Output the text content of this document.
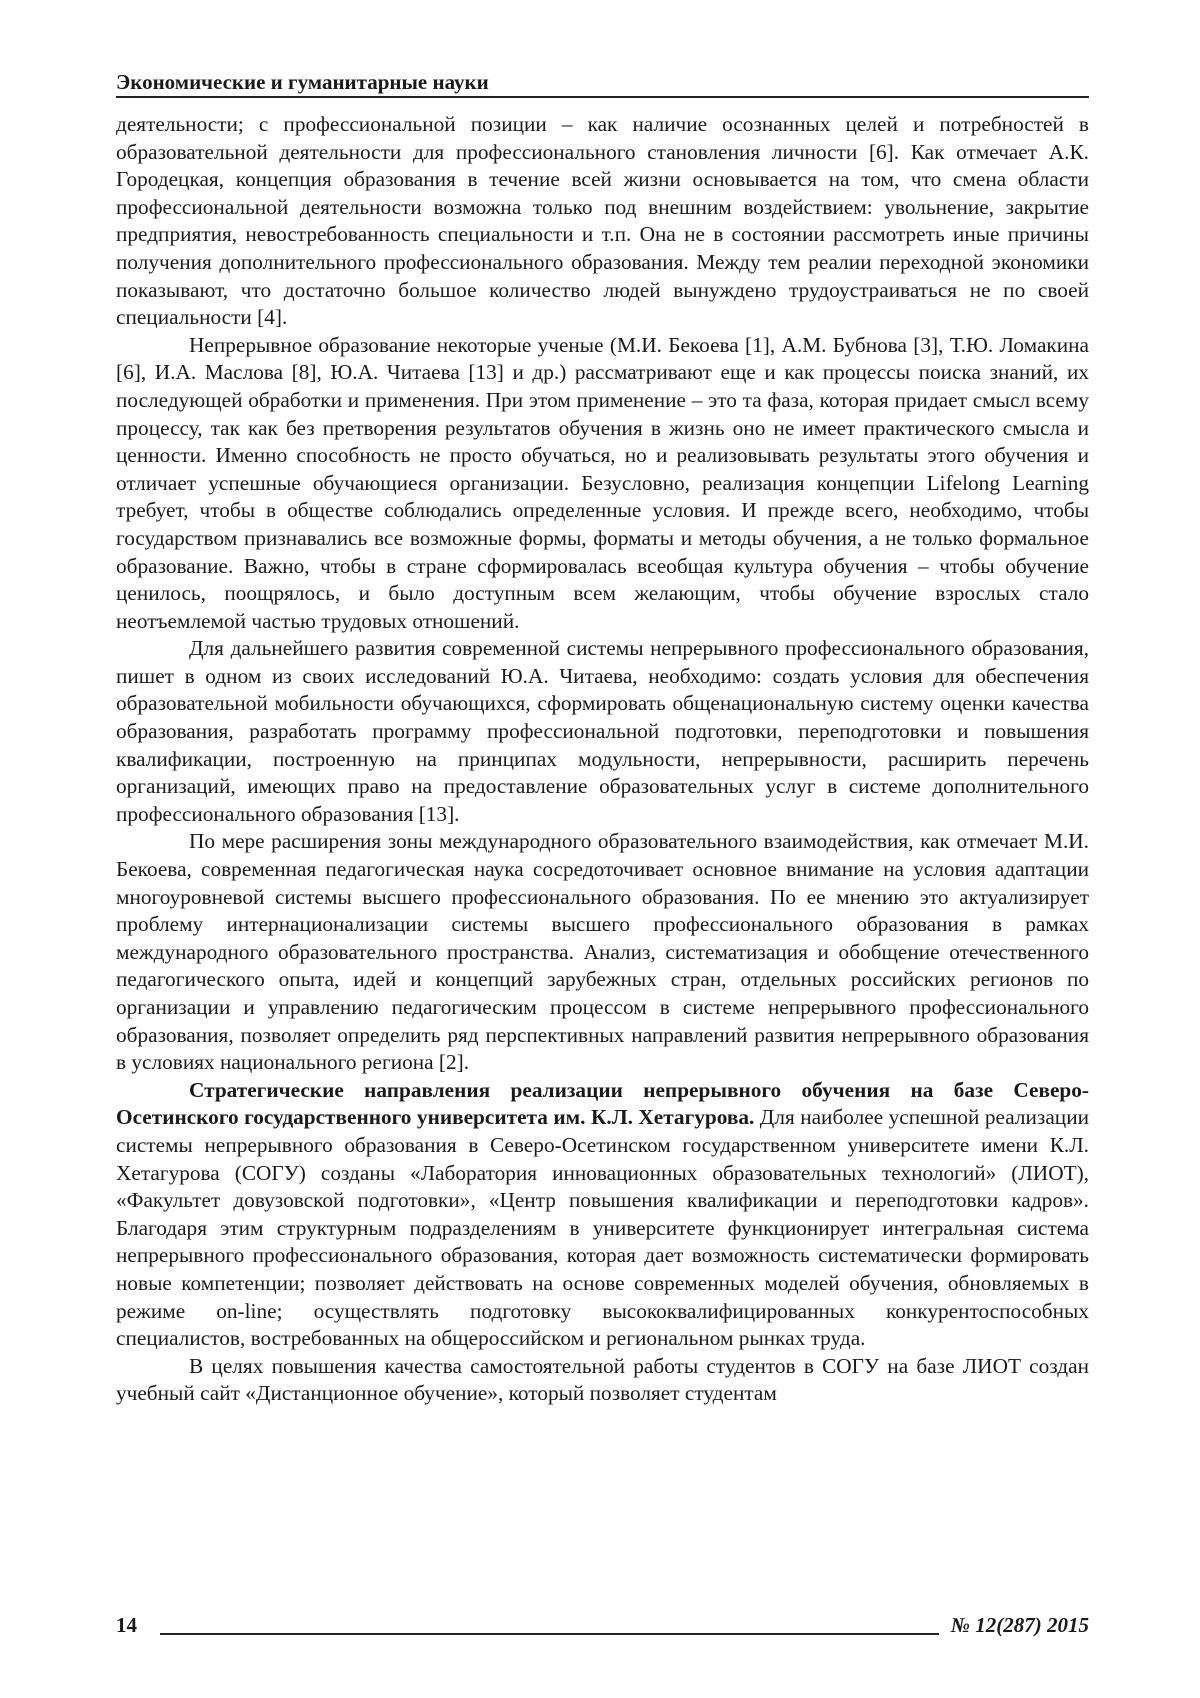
Экономические и гуманитарные науки

деятельности; с профессиональной позиции – как наличие осознанных целей и потребностей в образовательной деятельности для профессионального становления личности [6]. Как отмечает А.К. Городецкая, концепция образования в течение всей жизни основывается на том, что смена области профессиональной деятельности возможна только под внешним воздействием: увольнение, закрытие предприятия, невостребованность специальности и т.п. Она не в состоянии рассмотреть иные причины получения дополнительного профессионального образования. Между тем реалии переходной экономики показывают, что достаточно большое количество людей вынуждено трудоустраиваться не по своей специальности [4].

Непрерывное образование некоторые ученые (М.И. Бекоева [1], А.М. Бубнова [3], Т.Ю. Ломакина [6], И.А. Маслова [8], Ю.А. Читаева [13] и др.) рассматривают еще и как процессы поиска знаний, их последующей обработки и применения. При этом применение – это та фаза, которая придает смысл всему процессу, так как без претворения результатов обучения в жизнь оно не имеет практического смысла и ценности. Именно способность не просто обучаться, но и реализовывать результаты этого обучения и отличает успешные обучающиеся организации. Безусловно, реализация концепции Lifelong Learning требует, чтобы в обществе соблюдались определенные условия. И прежде всего, необходимо, чтобы государством признавались все возможные формы, форматы и методы обучения, а не только формальное образование. Важно, чтобы в стране сформировалась всеобщая культура обучения – чтобы обучение ценилось, поощрялось, и было доступным всем желающим, чтобы обучение взрослых стало неотъемлемой частью трудовых отношений.

Для дальнейшего развития современной системы непрерывного профессионального образования, пишет в одном из своих исследований Ю.А. Читаева, необходимо: создать условия для обеспечения образовательной мобильности обучающихся, сформировать общенациональную систему оценки качества образования, разработать программу профессиональной подготовки, переподготовки и повышения квалификации, построенную на принципах модульности, непрерывности, расширить перечень организаций, имеющих право на предоставление образовательных услуг в системе дополнительного профессионального образования [13].

По мере расширения зоны международного образовательного взаимодействия, как отмечает М.И. Бекоева, современная педагогическая наука сосредоточивает основное внимание на условия адаптации многоуровневой системы высшего профессионального образования. По ее мнению это актуализирует проблему интернационализации системы высшего профессионального образования в рамках международного образовательного пространства. Анализ, систематизация и обобщение отечественного педагогического опыта, идей и концепций зарубежных стран, отдельных российских регионов по организации и управлению педагогическим процессом в системе непрерывного профессионального образования, позволяет определить ряд перспективных направлений развития непрерывного образования в условиях национального региона [2].

Стратегические направления реализации непрерывного обучения на базе Северо-Осетинского государственного университета им. К.Л. Хетагурова. Для наиболее успешной реализации системы непрерывного образования в Северо-Осетинском государственном университете имени К.Л. Хетагурова (СОГУ) созданы «Лаборатория инновационных образовательных технологий» (ЛИОТ), «Факультет довузовской подготовки», «Центр повышения квалификации и переподготовки кадров». Благодаря этим структурным подразделениям в университете функционирует интегральная система непрерывного профессионального образования, которая дает возможность систематически формировать новые компетенции; позволяет действовать на основе современных моделей обучения, обновляемых в режиме on-line; осуществлять подготовку высококвалифицированных конкурентоспособных специалистов, востребованных на общероссийском и региональном рынках труда.

В целях повышения качества самостоятельной работы студентов в СОГУ на базе ЛИОТ создан учебный сайт «Дистанционное обучение», который позволяет студентам

14	№ 12(287) 2015
